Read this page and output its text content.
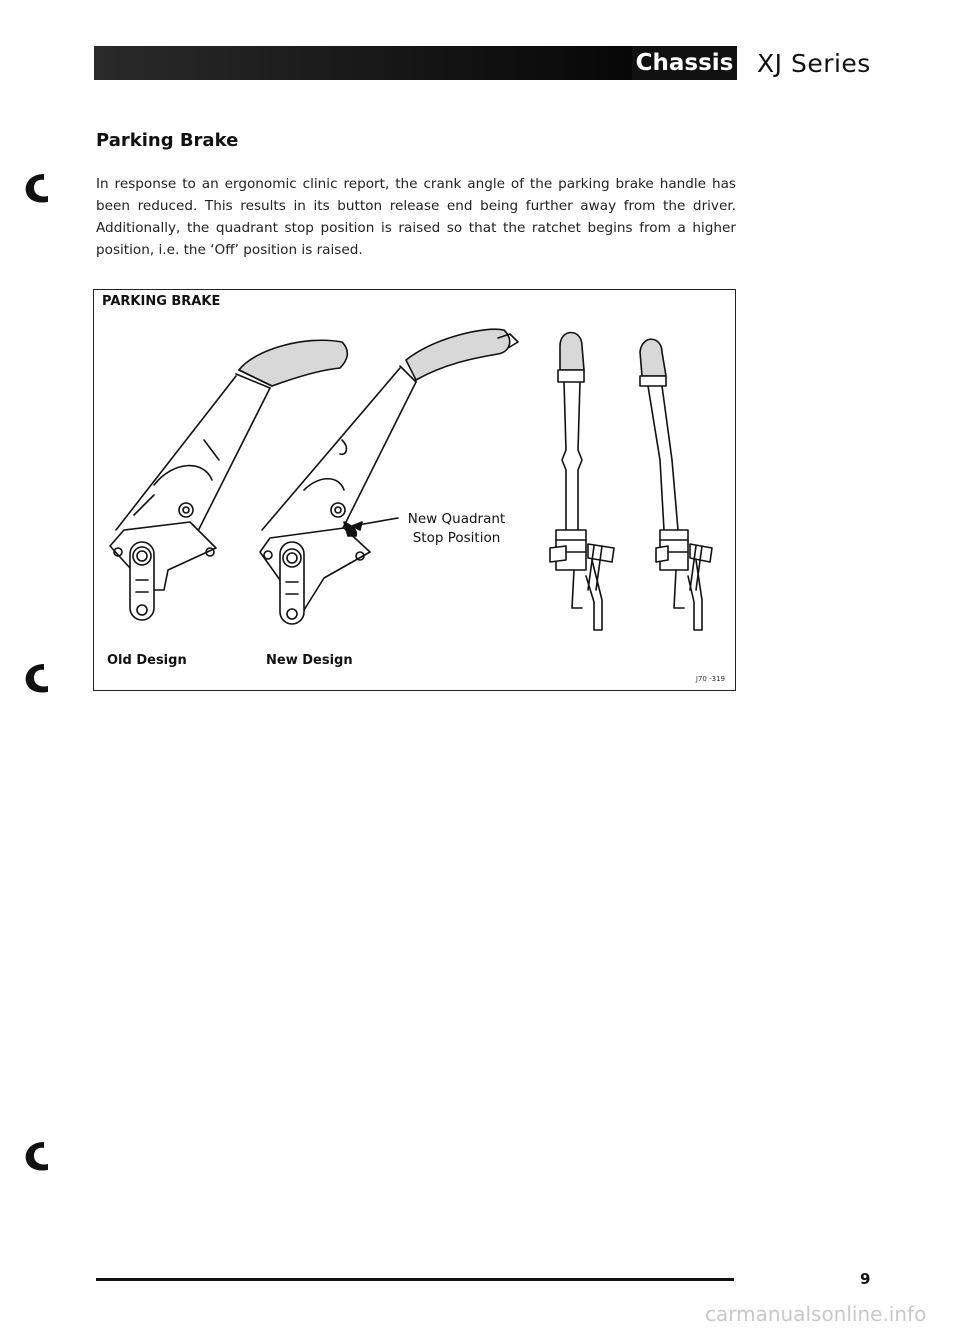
Chassis XJ Series
Parking Brake
In response to an ergonomic clinic report, the crank angle of the parking brake handle has been reduced. This results in its button release end being further away from the driver. Additionally, the quadrant stop position is raised so that the ratchet begins from a higher position, i.e. the ‘Off’ position is raised.
PARKING BRAKE
New Quadrant
Stop Position
Old Design	New Design
J70 -319
9
carmanualsonline.info
